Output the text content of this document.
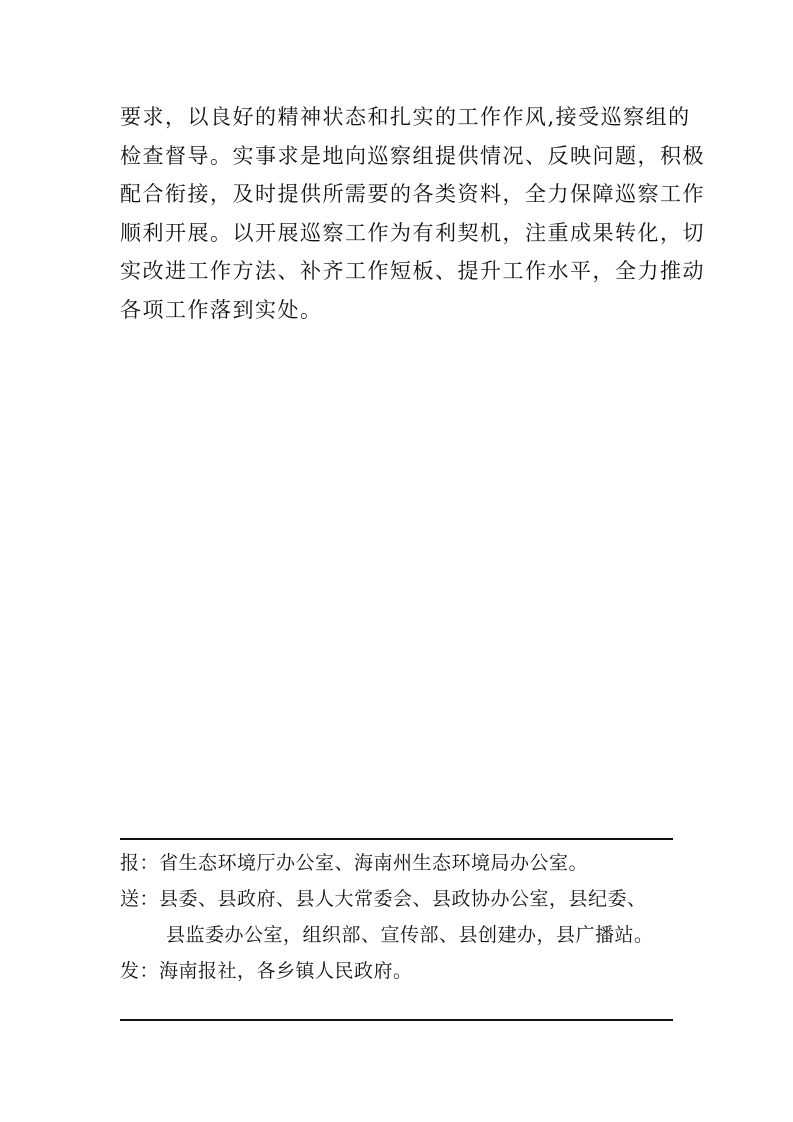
要求，以良好的精神状态和扎实的工作作风,接受巡察组的
检查督导。实事求是地向巡察组提供情况、反映问题，积极
配合衔接，及时提供所需要的各类资料，全力保障巡察工作
顺利开展。以开展巡察工作为有利契机，注重成果转化，切
实改进工作方法、补齐工作短板、提升工作水平，全力推动
各项工作落到实处。
报：省生态环境厅办公室、海南州生态环境局办公室。
送：县委、县政府、县人大常委会、县政协办公室，县纪委、
县监委办公室，组织部、宣传部、县创建办，县广播站。
发：海南报社，各乡镇人民政府。
